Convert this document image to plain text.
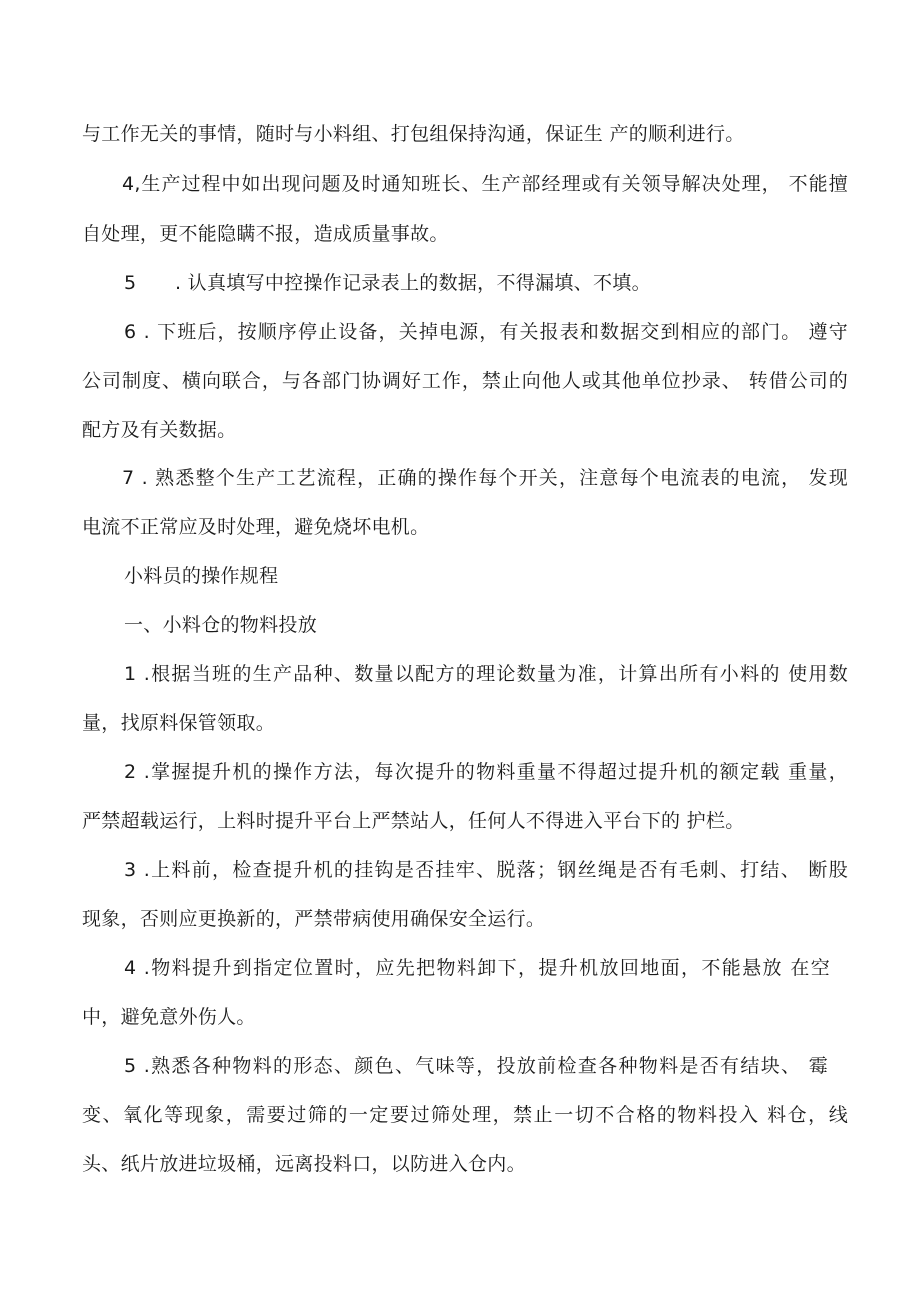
与工作无关的事情，随时与小料组、打包组保持沟通，保证生 产的顺利进行。
4,生产过程中如出现问题及时通知班长、生产部经理或有关领导解决处理， 不能擅
自处理，更不能隐瞒不报，造成质量事故。
5　　. 认真填写中控操作记录表上的数据，不得漏填、不填。
6 . 下班后，按顺序停止设备，关掉电源，有关报表和数据交到相应的部门。 遵守
公司制度、横向联合，与各部门协调好工作，禁止向他人或其他单位抄录、 转借公司的
配方及有关数据。
7 . 熟悉整个生产工艺流程，正确的操作每个开关，注意每个电流表的电流， 发现
电流不正常应及时处理，避免烧坏电机。
小料员的操作规程
一、小料仓的物料投放
1 .根据当班的生产品种、数量以配方的理论数量为准，计算出所有小料的 使用数
量，找原料保管领取。
2 .掌握提升机的操作方法，每次提升的物料重量不得超过提升机的额定载 重量，
严禁超载运行，上料时提升平台上严禁站人，任何人不得进入平台下的 护栏。
3 .上料前，检查提升机的挂钩是否挂牢、脱落；钢丝绳是否有毛刺、打结、 断股
现象，否则应更换新的，严禁带病使用确保安全运行。
4 .物料提升到指定位置时，应先把物料卸下，提升机放回地面，不能悬放 在空
中，避免意外伤人。
5 .熟悉各种物料的形态、颜色、气味等，投放前检查各种物料是否有结块、 霉
变、氧化等现象，需要过筛的一定要过筛处理，禁止一切不合格的物料投入 料仓，线
头、纸片放进垃圾桶，远离投料口，以防进入仓内。
